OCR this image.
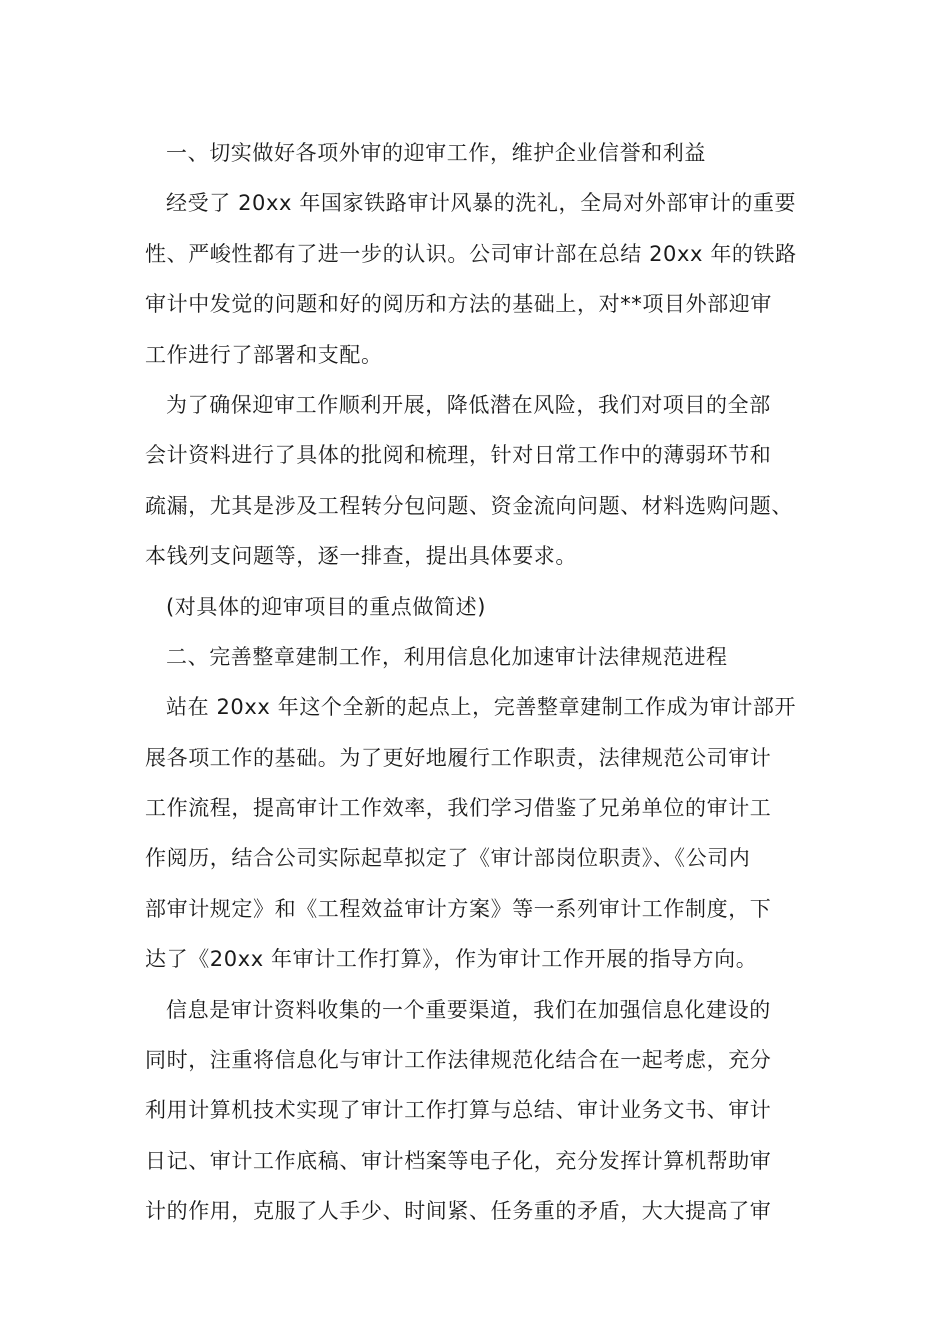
一、切实做好各项外审的迎审工作，维护企业信誉和利益
经受了 20xx 年国家铁路审计风暴的洗礼，全局对外部审计的重要
性、严峻性都有了进一步的认识。公司审计部在总结 20xx 年的铁路
审计中发觉的问题和好的阅历和方法的基础上，对**项目外部迎审
工作进行了部署和支配。
为了确保迎审工作顺利开展，降低潜在风险，我们对项目的全部
会计资料进行了具体的批阅和梳理，针对日常工作中的薄弱环节和
疏漏，尤其是涉及工程转分包问题、资金流向问题、材料选购问题、
本钱列支问题等，逐一排查，提出具体要求。
(对具体的迎审项目的重点做简述)
二、完善整章建制工作，利用信息化加速审计法律规范进程
站在 20xx 年这个全新的起点上，完善整章建制工作成为审计部开
展各项工作的基础。为了更好地履行工作职责，法律规范公司审计
工作流程，提高审计工作效率，我们学习借鉴了兄弟单位的审计工
作阅历，结合公司实际起草拟定了《审计部岗位职责》、《公司内
部审计规定》和《工程效益审计方案》等一系列审计工作制度，下
达了《20xx 年审计工作打算》，作为审计工作开展的指导方向。
信息是审计资料收集的一个重要渠道，我们在加强信息化建设的
同时，注重将信息化与审计工作法律规范化结合在一起考虑，充分
利用计算机技术实现了审计工作打算与总结、审计业务文书、审计
日记、审计工作底稿、审计档案等电子化，充分发挥计算机帮助审
计的作用，克服了人手少、时间紧、任务重的矛盾，大大提高了审
